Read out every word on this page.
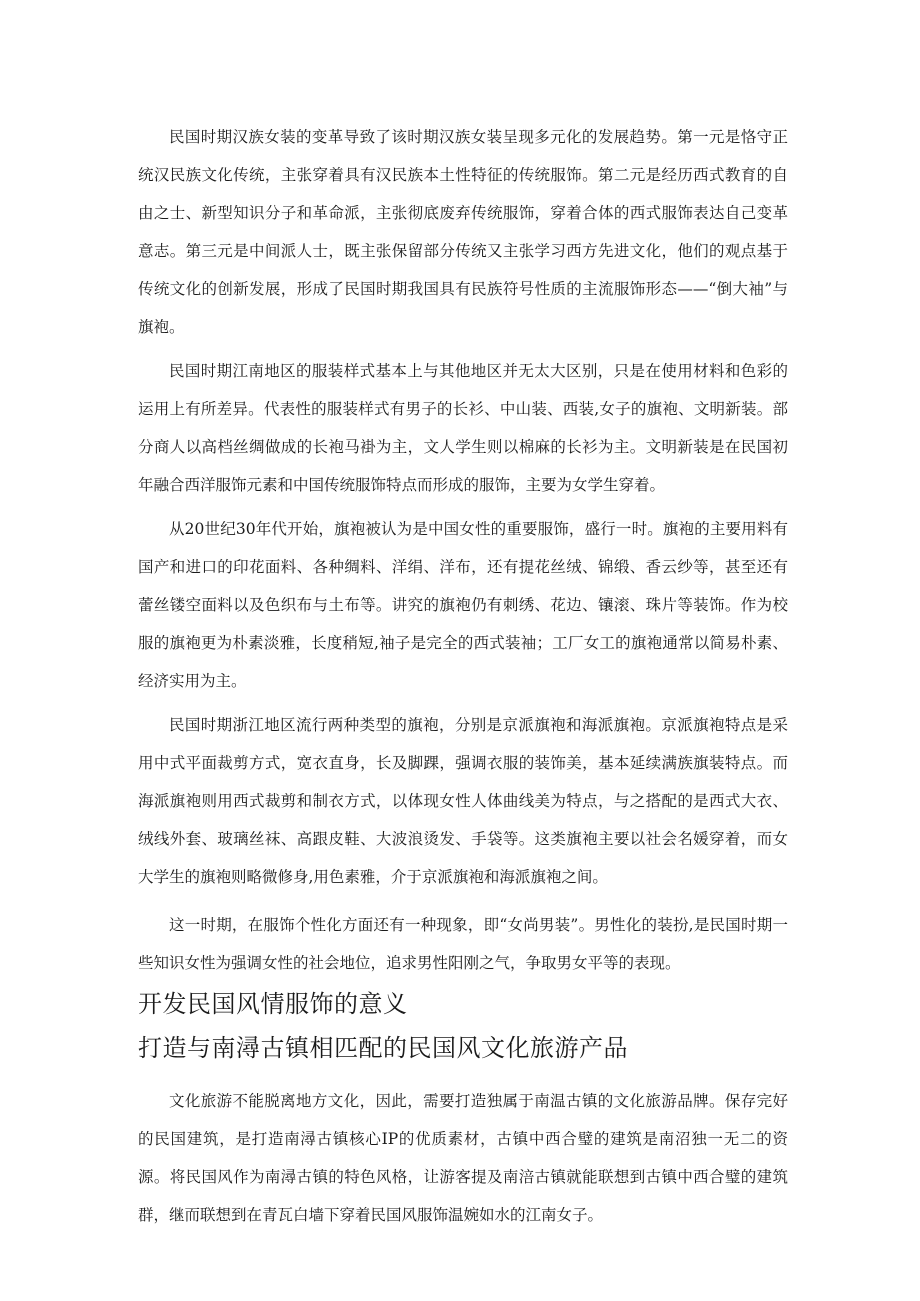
民国时期汉族女装的变革导致了该时期汉族女装呈现多元化的发展趋势。第一元是恪守正统汉民族文化传统，主张穿着具有汉民族本土性特征的传统服饰。第二元是经历西式教育的自由之士、新型知识分子和革命派，主张彻底废弃传统服饰，穿着合体的西式服饰表达自己变革意志。第三元是中间派人士，既主张保留部分传统又主张学习西方先进文化，他们的观点基于传统文化的创新发展，形成了民国时期我国具有民族符号性质的主流服饰形态——“倒大袖”与旗袍。

民国时期江南地区的服装样式基本上与其他地区并无太大区别，只是在使用材料和色彩的运用上有所差异。代表性的服装样式有男子的长衫、中山装、西装,女子的旗袍、文明新装。部分商人以高档丝绸做成的长袍马褂为主，文人学生则以棉麻的长衫为主。文明新装是在民国初年融合西洋服饰元素和中国传统服饰特点而形成的服饰，主要为女学生穿着。

从20世纪30年代开始，旗袍被认为是中国女性的重要服饰，盛行一时。旗袍的主要用料有国产和进口的印花面料、各种绸料、洋绢、洋布，还有提花丝绒、锦缎、香云纱等，甚至还有蕾丝镂空面料以及色织布与土布等。讲究的旗袍仍有刺绣、花边、镶滚、珠片等装饰。作为校服的旗袍更为朴素淡雅，长度稍短,袖子是完全的西式装袖；工厂女工的旗袍通常以简易朴素、经济实用为主。

民国时期浙江地区流行两种类型的旗袍，分别是京派旗袍和海派旗袍。京派旗袍特点是采用中式平面裁剪方式，宽衣直身，长及脚踝，强调衣服的装饰美，基本延续满族旗装特点。而海派旗袍则用西式裁剪和制衣方式，以体现女性人体曲线美为特点，与之搭配的是西式大衣、绒线外套、玻璃丝袜、高跟皮鞋、大波浪烫发、手袋等。这类旗袍主要以社会名媛穿着，而女大学生的旗袍则略微修身,用色素雅，介于京派旗袍和海派旗袍之间。

这一时期，在服饰个性化方面还有一种现象，即“女尚男装”。男性化的装扮,是民国时期一些知识女性为强调女性的社会地位，追求男性阳刚之气，争取男女平等的表现。

开发民国风情服饰的意义
打造与南潯古镇相匹配的民国风文化旅游产品

文化旅游不能脱离地方文化，因此，需要打造独属于南温古镇的文化旅游品牌。保存完好的民国建筑，是打造南潯古镇核心IP的优质素材，古镇中西合璧的建筑是南沼独一无二的资源。将民国风作为南潯古镇的特色风格，让游客提及南涪古镇就能联想到古镇中西合璧的建筑群，继而联想到在青瓦白墙下穿着民国风服饰温婉如水的江南女子。
